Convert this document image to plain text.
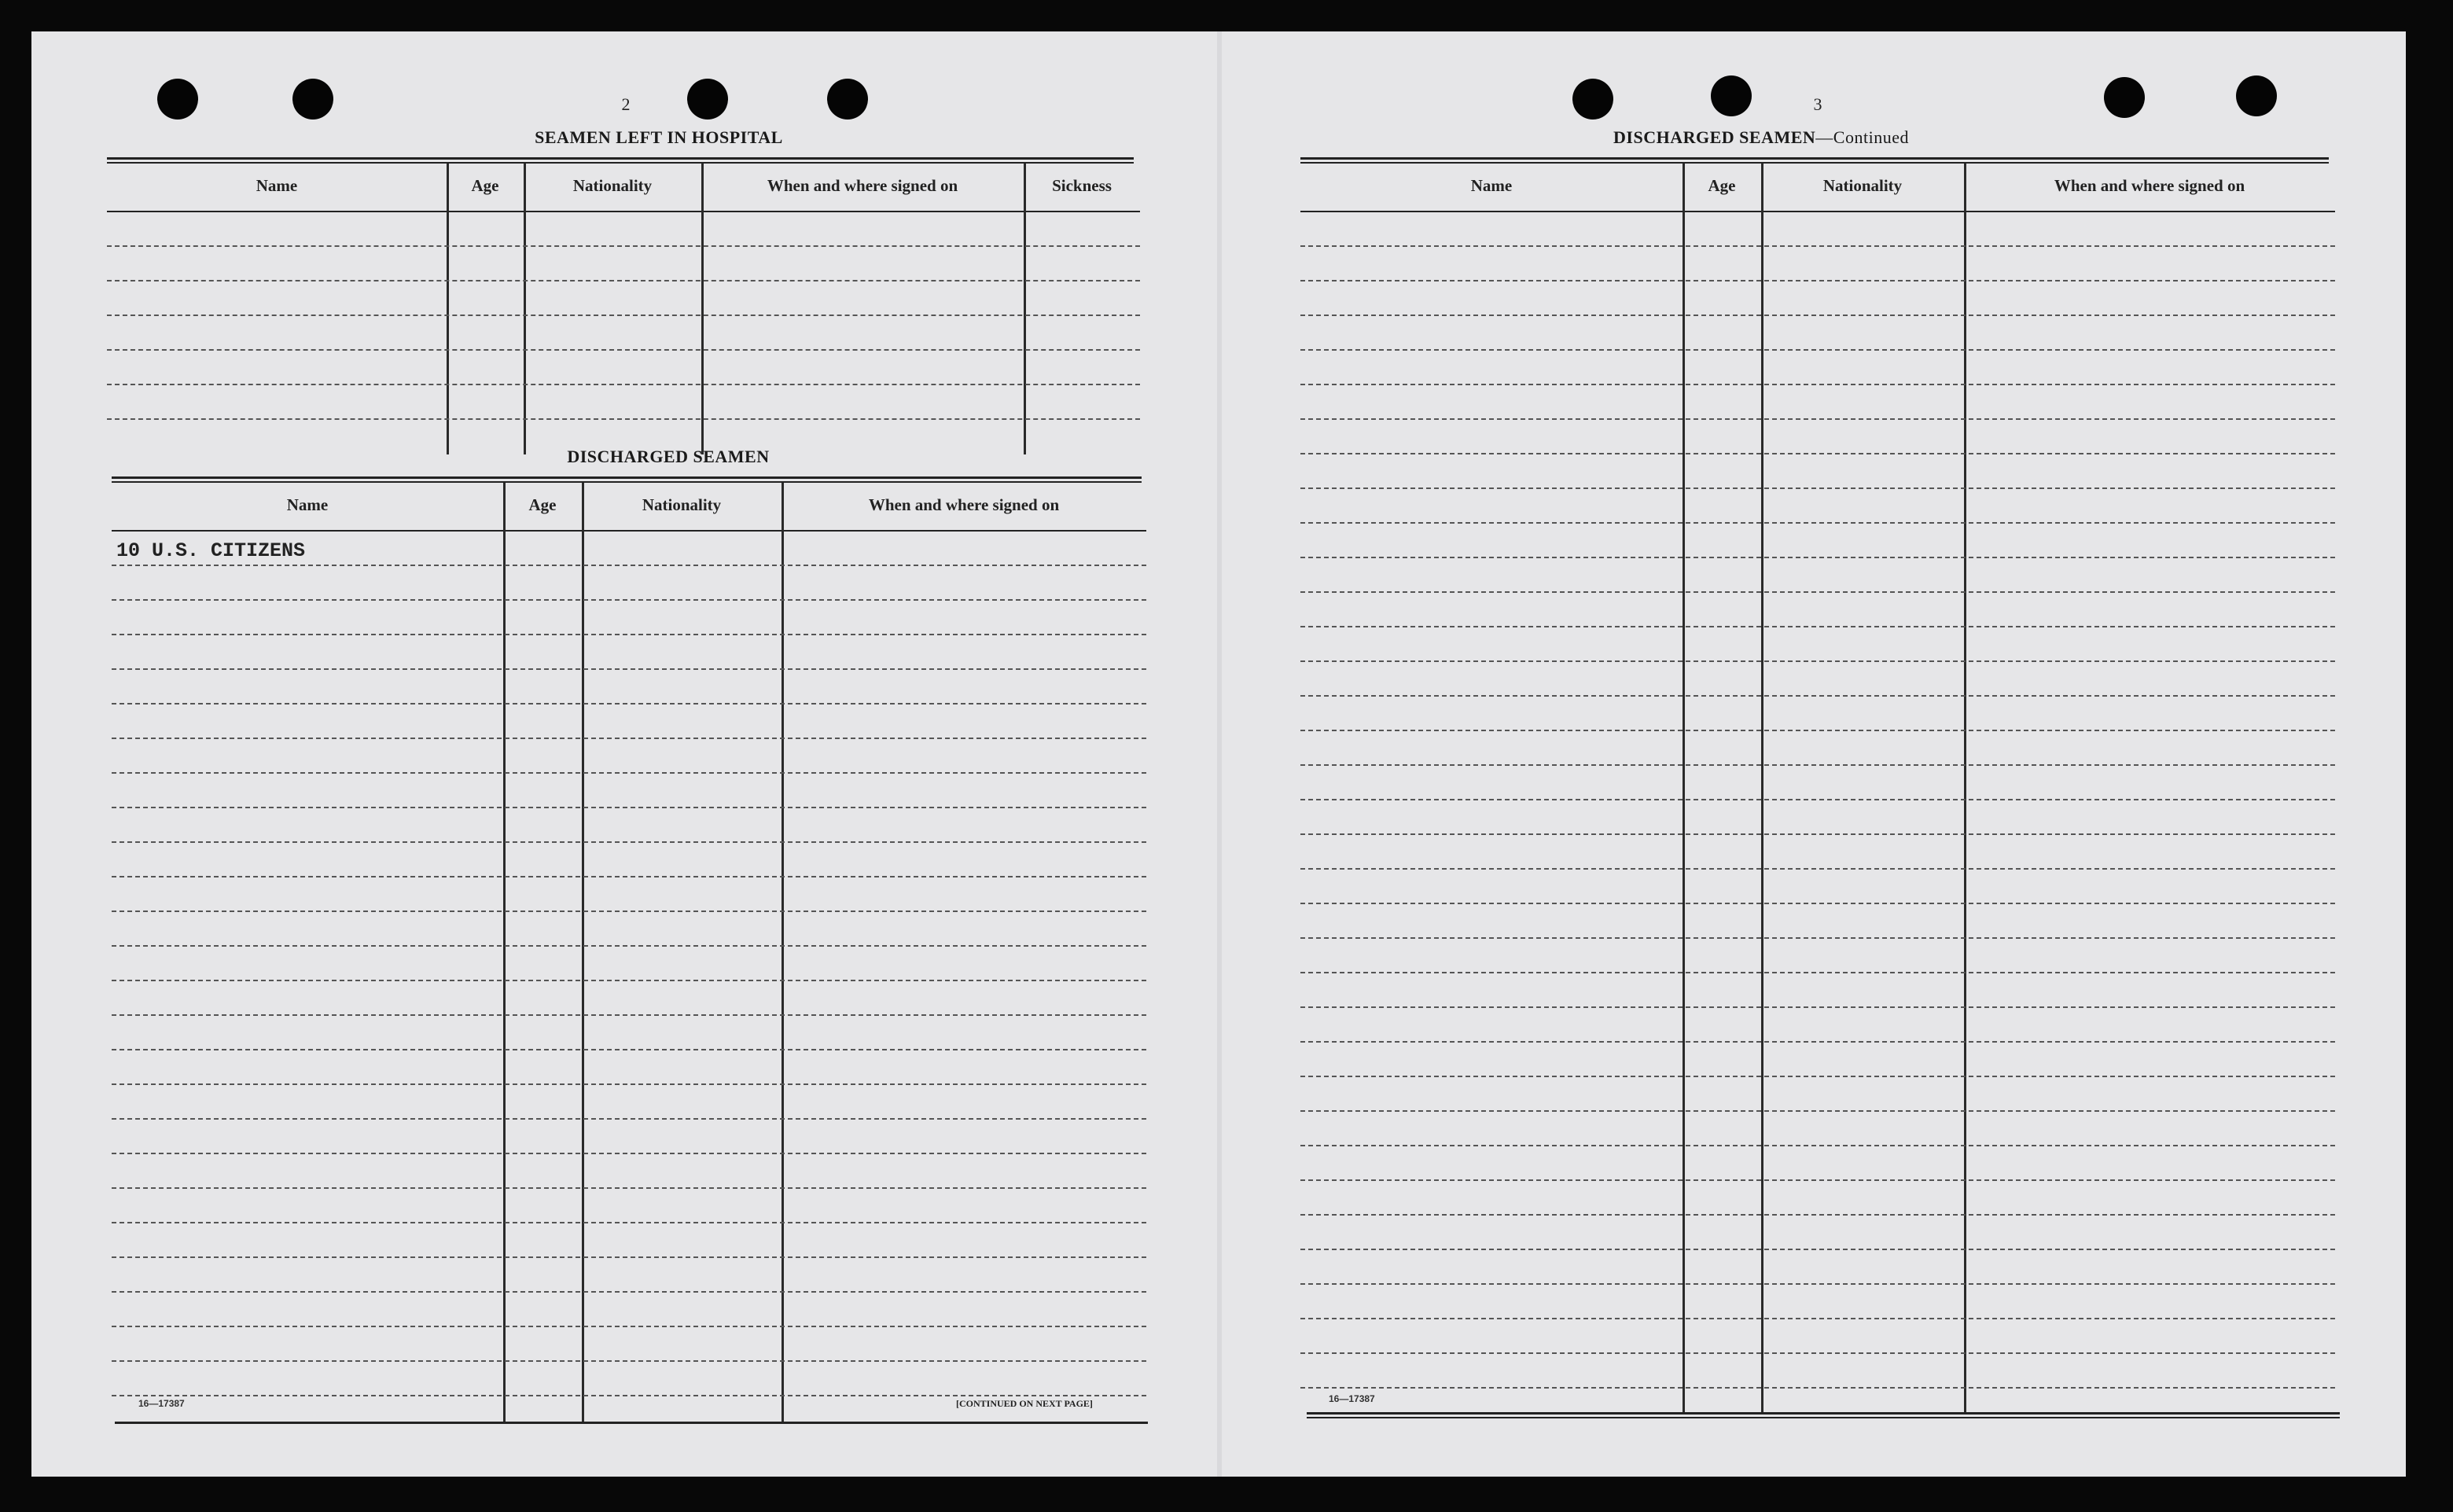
2
SEAMEN LEFT IN HOSPITAL
Name	Age	Nationality	When and where signed on	Sickness
DISCHARGED SEAMEN
Name	Age	Nationality	When and where signed on
10 U.S. CITIZENS
16—17387	[CONTINUED ON NEXT PAGE]
3
DISCHARGED SEAMEN—Continued
Name	Age	Nationality	When and where signed on
16—17387
